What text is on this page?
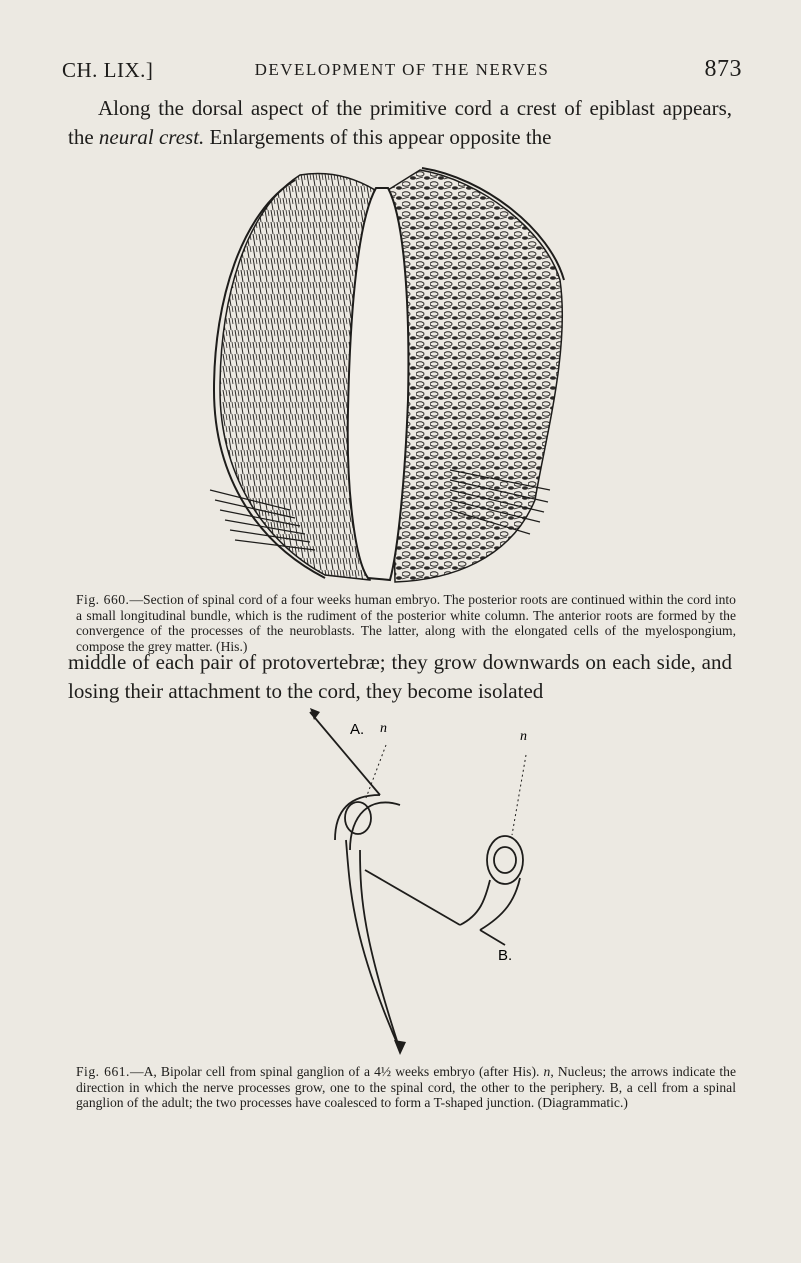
CH. LIX.]	DEVELOPMENT OF THE NERVES	873

Along the dorsal aspect of the primitive cord a crest of epiblast appears, the neural crest. Enlargements of this appear opposite the

Fig. 660.—Section of spinal cord of a four weeks human embryo. The posterior roots are continued within the cord into a small longitudinal bundle, which is the rudiment of the posterior white column. The anterior roots are formed by the convergence of the processes of the neuroblasts. The latter, along with the elongated cells of the myelospongium, compose the grey matter. (His.)

middle of each pair of protovertebræ; they grow downwards on each side, and losing their attachment to the cord, they become isolated

A. n
n
B.

Fig. 661.—A, Bipolar cell from spinal ganglion of a 4½ weeks embryo (after His). n, Nucleus; the arrows indicate the direction in which the nerve processes grow, one to the spinal cord, the other to the periphery. B, a cell from a spinal ganglion of the adult; the two processes have coalesced to form a T-shaped junction. (Diagrammatic.)
